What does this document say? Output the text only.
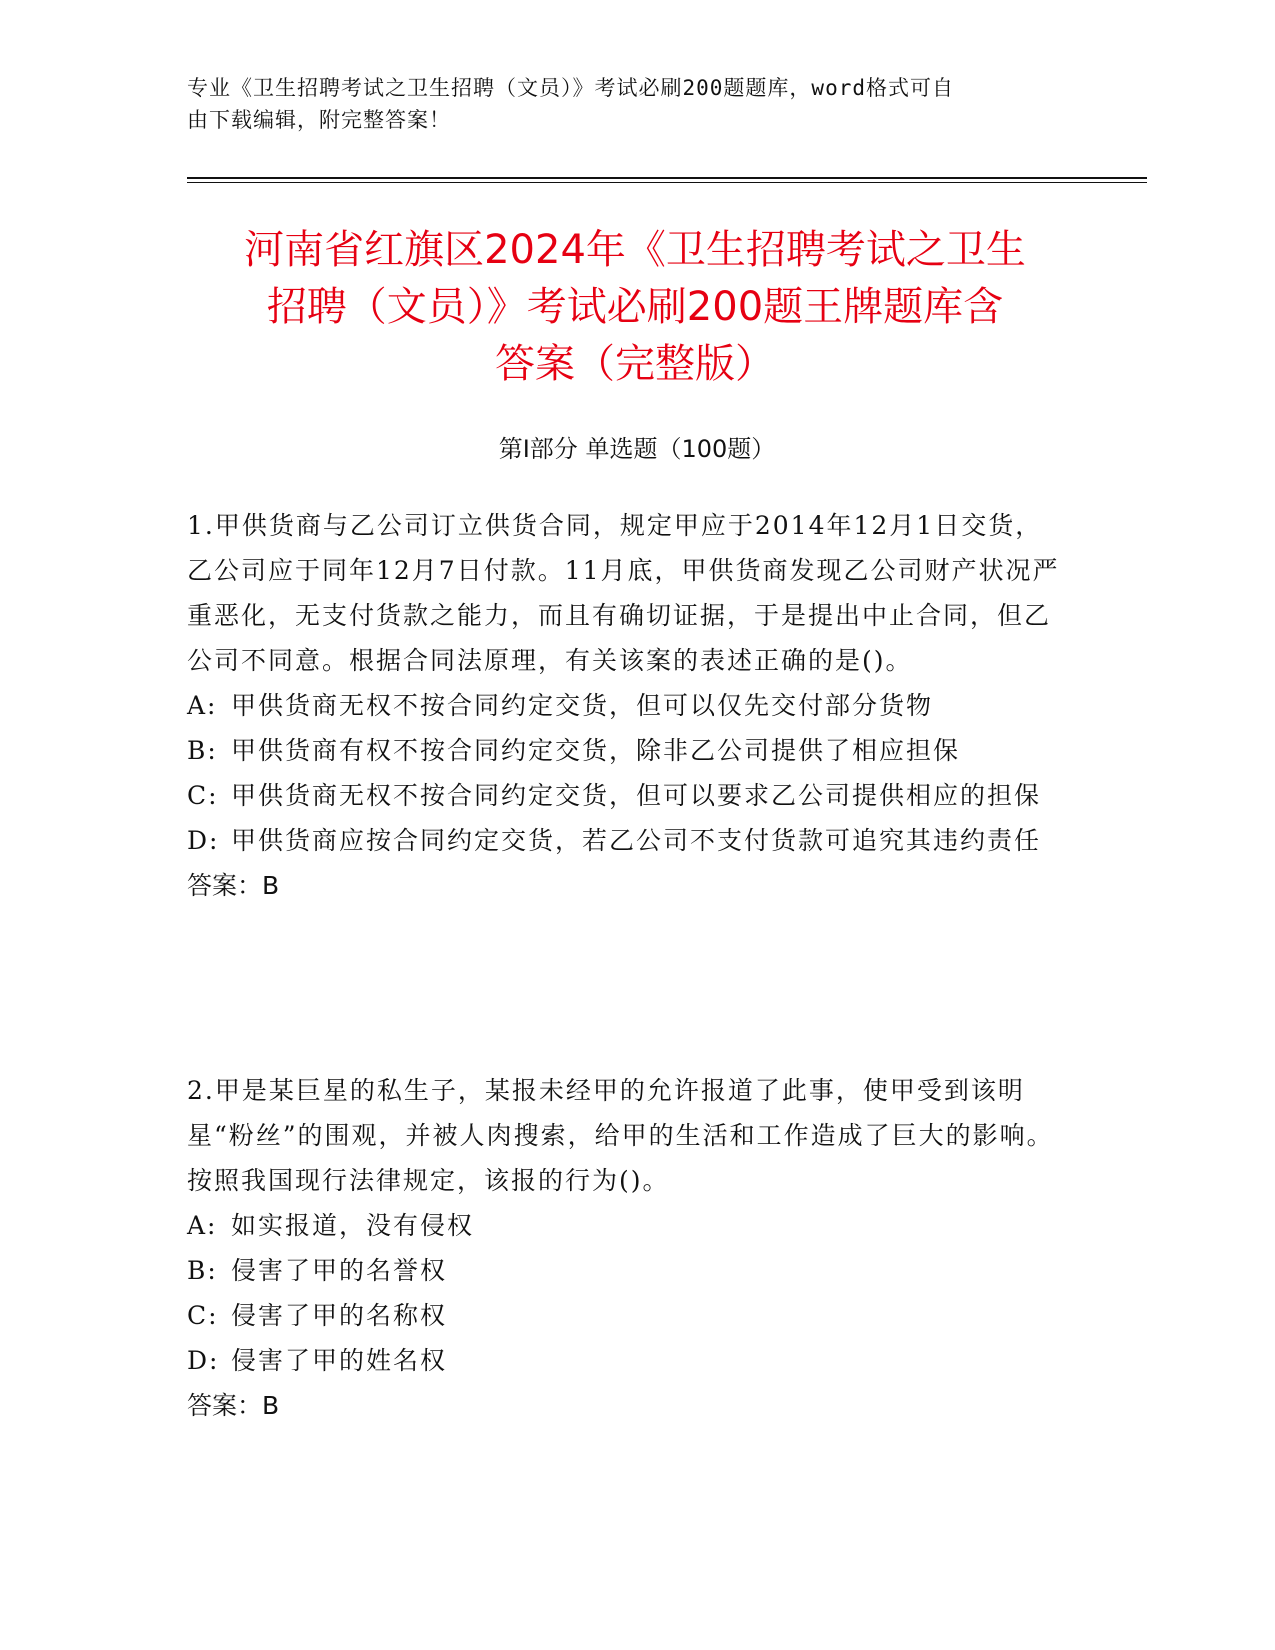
专业《卫生招聘考试之卫生招聘（文员）》考试必刷200题题库，word格式可自
由下载编辑，附完整答案！
河南省红旗区2024年《卫生招聘考试之卫生
招聘（文员）》考试必刷200题王牌题库含
答案（完整版）
第Ⅰ部分 单选题（100题）

1.甲供货商与乙公司订立供货合同，规定甲应于2014年12月1日交货，乙公司应于同年12月7日付款。11月底，甲供货商发现乙公司财产状况严重恶化，无支付货款之能力，而且有确切证据，于是提出中止合同，但乙公司不同意。根据合同法原理，有关该案的表述正确的是()。

A: 甲供货商无权不按合同约定交货，但可以仅先交付部分货物

B: 甲供货商有权不按合同约定交货，除非乙公司提供了相应担保

C: 甲供货商无权不按合同约定交货，但可以要求乙公司提供相应的担保

D: 甲供货商应按合同约定交货，若乙公司不支付货款可追究其违约责任

答案：B

2.甲是某巨星的私生子，某报未经甲的允许报道了此事，使甲受到该明星“粉丝”的围观，并被人肉搜索，给甲的生活和工作造成了巨大的影响。按照我国现行法律规定，该报的行为()。

A: 如实报道，没有侵权

B: 侵害了甲的名誉权

C: 侵害了甲的名称权

D: 侵害了甲的姓名权

答案：B
